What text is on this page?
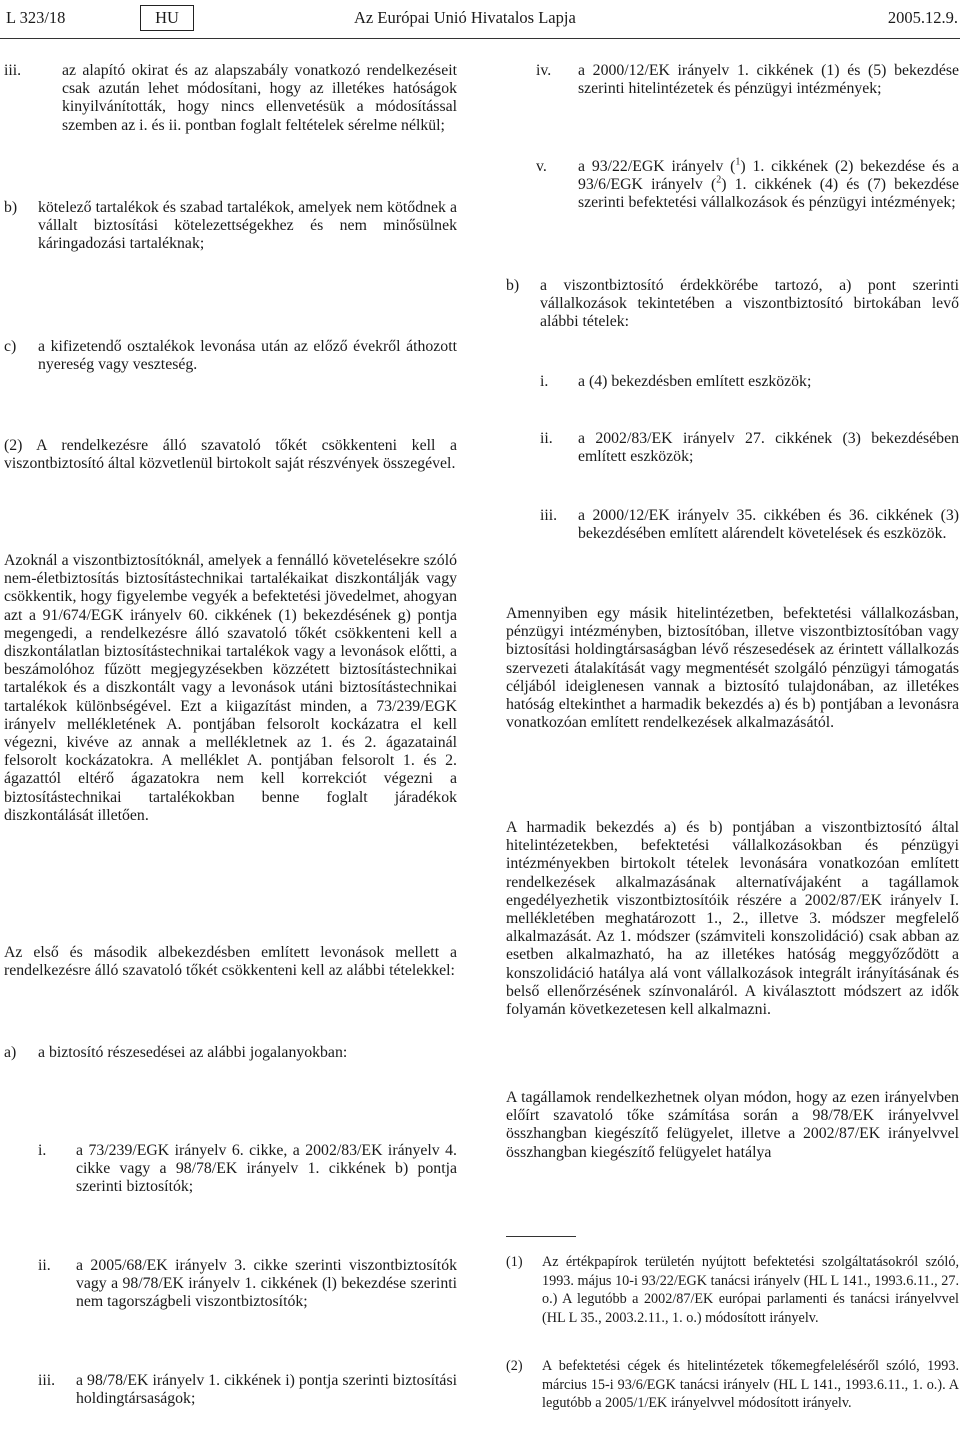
L 323/18	HU	Az Európai Unió Hivatalos Lapja	2005.12.9.
iii.	az alapító okirat és az alapszabály vonatkozó rendelkezéseit csak azután lehet módosítani, hogy az illetékes hatóságok kinyilvánították, hogy nincs ellenvetésük a módosítással szemben az i. és ii. pontban foglalt feltételek sérelme nélkül;
b) kötelező tartalékok és szabad tartalékok, amelyek nem kötődnek a vállalt biztosítási kötelezettségekhez és nem minősülnek káringadozási tartaléknak;
c) a kifizetendő osztalékok levonása után az előző évekről áthozott nyereség vagy veszteség.
(2) A rendelkezésre álló szavatoló tőkét csökkenteni kell a viszontbiztosító által közvetlenül birtokolt saját részvények összegével.
Azoknál a viszontbiztosítóknál, amelyek a fennálló követelésekre szóló nem-életbiztosítás biztosítástechnikai tartalékaikat diszkontálják vagy csökkentik, hogy figyelembe vegyék a befektetési jövedelmet, ahogyan azt a 91/674/EGK irányelv 60. cikkének (1) bekezdésének g) pontja megengedi, a rendelkezésre álló szavatoló tőkét csökkenteni kell a diszkontálatlan biztosítástechnikai tartalékok vagy a levonások előtti, a beszámolóhoz fűzött megjegyzésekben közzétett biztosítástechnikai tartalékok és a diszkontált vagy a levonások utáni biztosítástechnikai tartalékok különbségével. Ezt a kiigazítást minden, a 73/239/EGK irányelv mellékletének A. pontjában felsorolt kockázatra el kell végezni, kivéve az annak a mellékletnek az 1. és 2. ágazatainál felsorolt kockázatokra. A melléklet A. pontjában felsorolt 1. és 2. ágazattól eltérő ágazatokra nem kell korrekciót végezni a biztosítástechnikai tartalékokban benne foglalt járadékok diszkontálását illetően.
Az első és második albekezdésben említett levonások mellett a rendelkezésre álló szavatoló tőkét csökkenteni kell az alábbi tételekkel:
a) a biztosító részesedései az alábbi jogalanyokban:
i. a 73/239/EGK irányelv 6. cikke, a 2002/83/EK irányelv 4. cikke vagy a 98/78/EK irányelv 1. cikkének b) pontja szerinti biztosítók;
ii. a 2005/68/EK irányelv 3. cikke szerinti viszontbiztosítók vagy a 98/78/EK irányelv 1. cikkének (l) bekezdése szerinti nem tagországbeli viszontbiztosítók;
iii. a 98/78/EK irányelv 1. cikkének i) pontja szerinti biztosítási holdingtársaságok;
iv. a 2000/12/EK irányelv 1. cikkének (1) és (5) bekezdése szerinti hitelintézetek és pénzügyi intézmények;
v. a 93/22/EGK irányelv ($^1$) 1. cikkének (2) bekezdése és a 93/6/EGK irányelv ($^2$) 1. cikkének (4) és (7) bekezdése szerinti befektetési vállalkozások és pénzügyi intézmények;
b) a viszontbiztosító érdekkörébe tartozó, a) pont szerinti vállalkozások tekintetében a viszontbiztosító birtokában levő alábbi tételek:
i. a (4) bekezdésben említett eszközök;
ii. a 2002/83/EK irányelv 27. cikkének (3) bekezdésében említett eszközök;
iii. a 2000/12/EK irányelv 35. cikkében és 36. cikkének (3) bekezdésében említett alárendelt követelések és eszközök.
Amennyiben egy másik hitelintézetben, befektetési vállalkozásban, pénzügyi intézményben, biztosítóban, illetve viszontbiztosítóban vagy biztosítási holdingtársaságban lévő részesedések az érintett vállalkozás szervezeti átalakítását vagy megmentését szolgáló pénzügyi támogatás céljából ideiglenesen vannak a biztosító tulajdonában, az illetékes hatóság eltekinthet a harmadik bekezdés a) és b) pontjában a levonásra vonatkozóan említett rendelkezések alkalmazásától.
A harmadik bekezdés a) és b) pontjában a viszontbiztosító által hitelintézetekben, befektetési vállalkozásokban és pénzügyi intézményekben birtokolt tételek levonására vonatkozóan említett rendelkezések alkalmazásának alternatívájaként a tagállamok engedélyezhetik viszontbiztosítóik részére a 2002/87/EK irányelv I. mellékletében meghatározott 1., 2., illetve 3. módszer megfelelő alkalmazását. Az 1. módszer (számviteli konszolidáció) csak abban az esetben alkalmazható, ha az illetékes hatóság meggyőződött a konszolidáció hatálya alá vont vállalkozások integrált irányításának és belső ellenőrzésének színvonaláról. A kiválasztott módszert az idők folyamán következetesen kell alkalmazni.
A tagállamok rendelkezhetnek olyan módon, hogy az ezen irányelvben előírt szavatoló tőke számítása során a 98/78/EK irányelvvel összhangban kiegészítő felügyelet, illetve a 2002/87/EK irányelvvel összhangban kiegészítő felügyelet hatálya
(1) Az értékpapírok területén nyújtott befektetési szolgáltatásokról szóló, 1993. május 10-i 93/22/EGK tanácsi irányelv (HL L 141., 1993.6.11., 27. o.) A legutóbb a 2002/87/EK európai parlamenti és tanácsi irányelvvel (HL L 35., 2003.2.11., 1. o.) módosított irányelv.
(2) A befektetési cégek és hitelintézetek tőkemegfeleléséről szóló, 1993. március 15-i 93/6/EGK tanácsi irányelv (HL L 141., 1993.6.11., 1. o.). A legutóbb a 2005/1/EK irányelvvel módosított irányelv.
